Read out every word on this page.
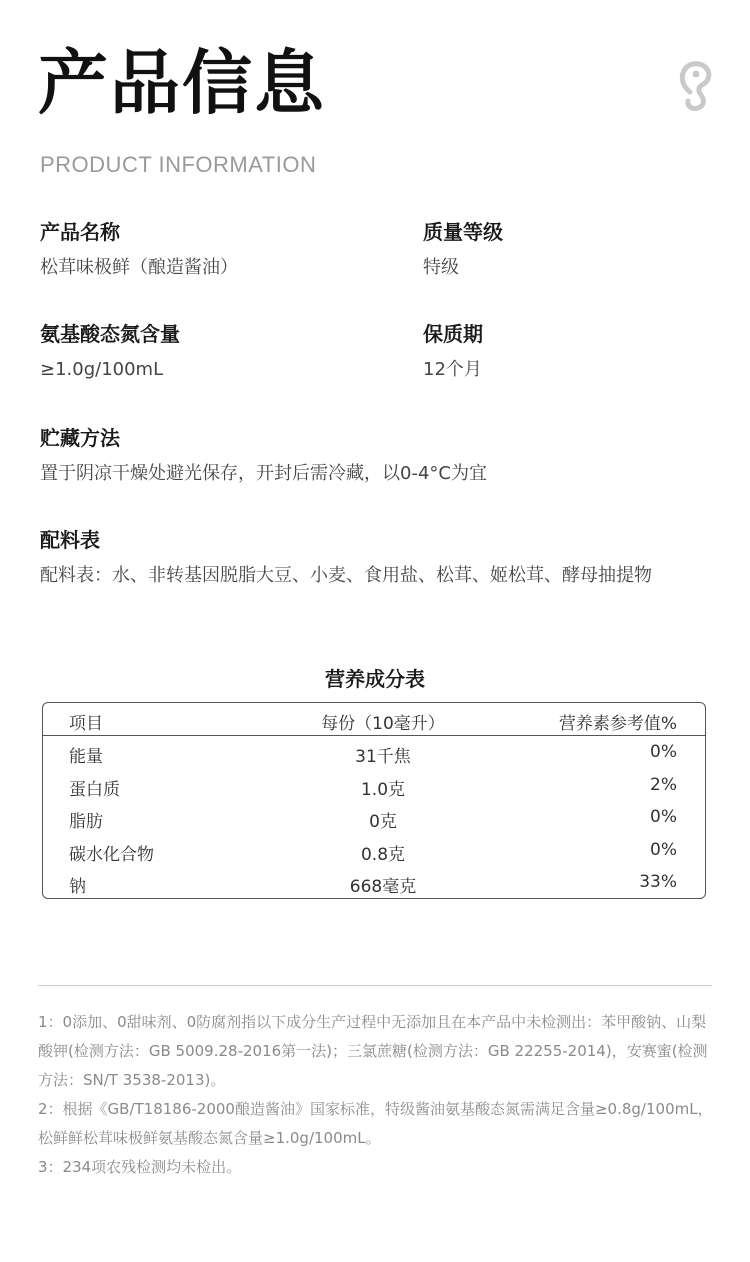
产品信息
PRODUCT INFORMATION
产品名称
松茸味极鲜（酿造酱油）
质量等级
特级
氨基酸态氮含量
≥1.0g/100mL
保质期
12个月
贮藏方法
置于阴凉干燥处避光保存，开封后需冷藏，以0-4°C为宜
配料表
配料表：水、非转基因脱脂大豆、小麦、食用盐、松茸、姬松茸、酵母抽提物
营养成分表
项目	每份（10毫升）	营养素参考值%
能量	31千焦	0%
蛋白质	1.0克	2%
脂肪	0克	0%
碳水化合物	0.8克	0%
钠	668毫克	33%

1：0添加、0甜味剂、0防腐剂指以下成分生产过程中无添加且在本产品中未检测出：苯甲酸钠、山梨酸钾(检测方法：GB 5009.28-2016第一法)；三氯蔗糖(检测方法：GB 22255-2014)，安赛蜜(检测方法：SN/T 3538-2013)。

2：根据《GB/T18186-2000酿造酱油》国家标准，特级酱油氨基酸态氮需满足含量≥0.8g/100mL，松鲜鲜松茸味极鲜氨基酸态氮含量≥1.0g/100mL。

3：234项农残检测均未检出。
